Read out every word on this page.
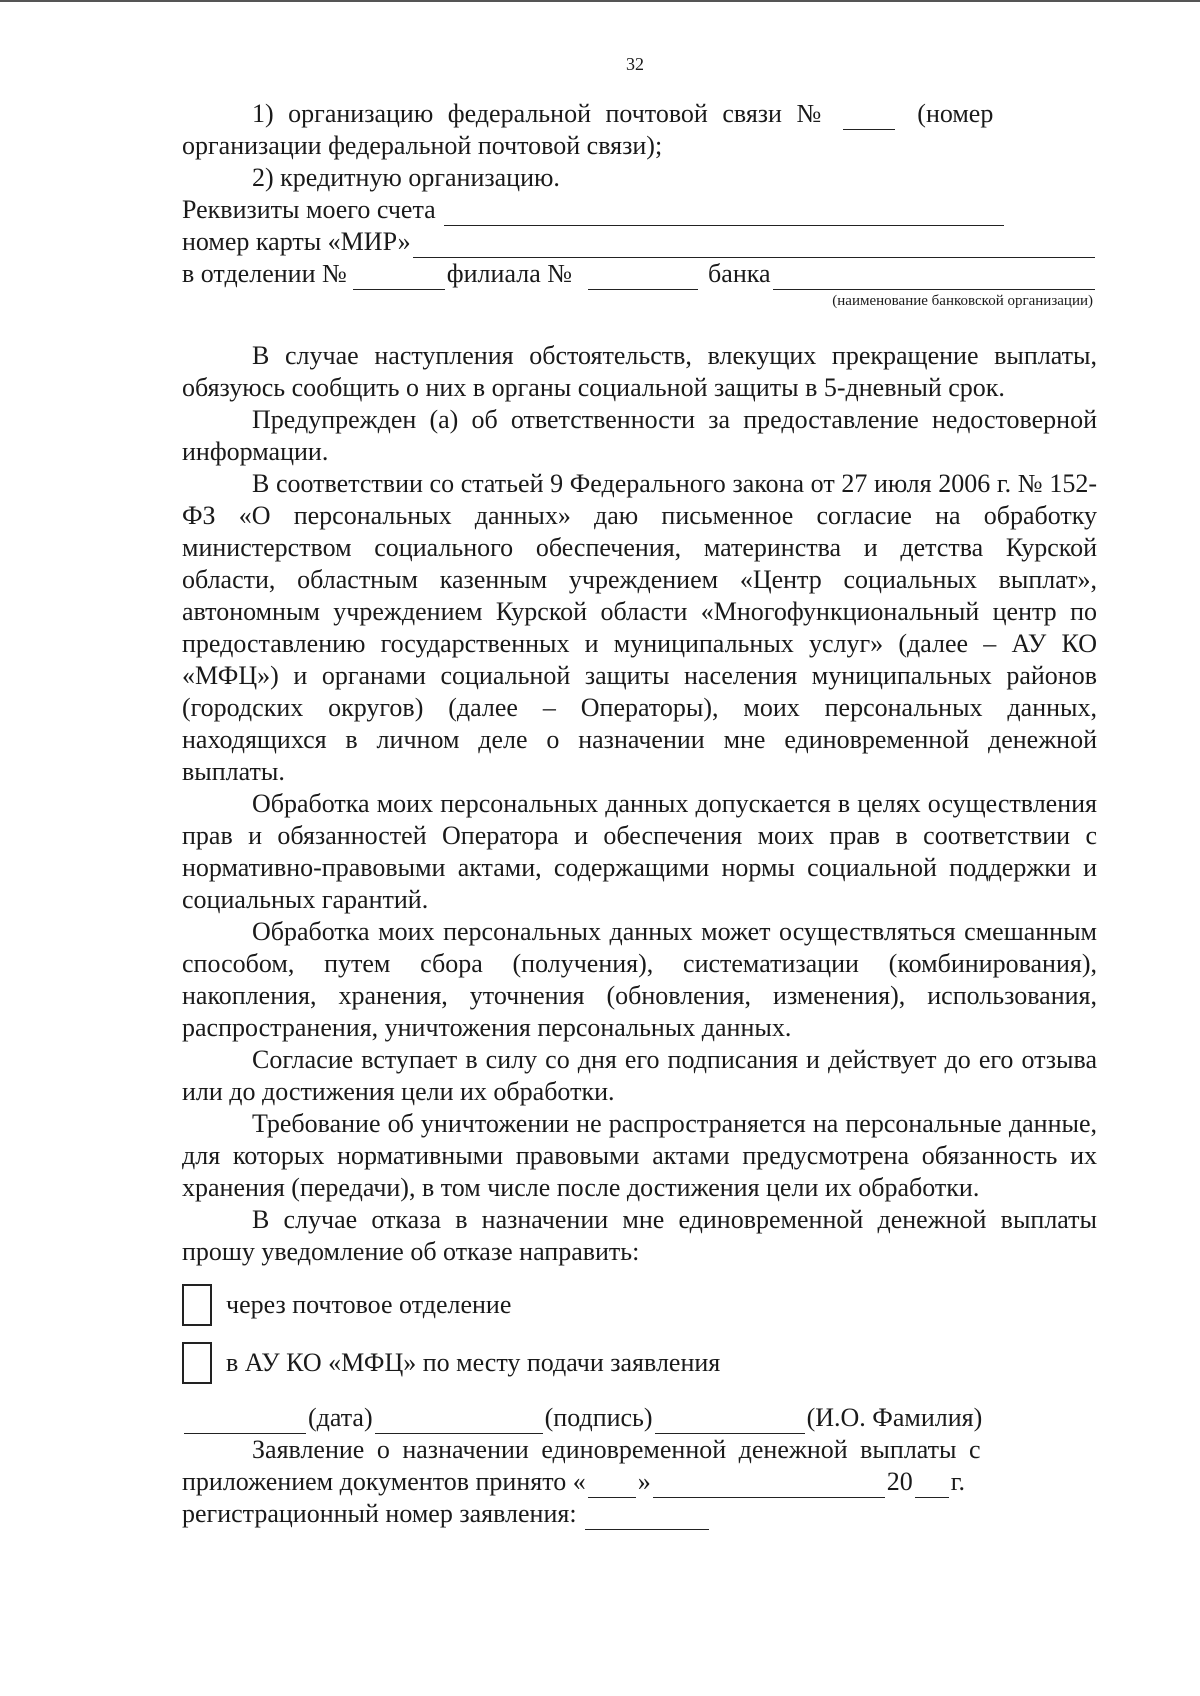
32
1) организацию федеральной почтовой связи №	(номер

организации федеральной почтовой связи);

2) кредитную организацию.

Реквизиты моего счета
номер карты «МИР»
в отделении №	филиала №	банка
(наименование банковской организации)

В случае наступления обстоятельств, влекущих прекращение выплаты, обязуюсь сообщить о них в органы социальной защиты в 5-дневный срок.

Предупрежден (а) об ответственности за предоставление недостоверной информации.

В соответствии со статьей 9 Федерального закона от 27 июля 2006 г. № 152-ФЗ «О персональных данных» даю письменное согласие на обработку министерством социального обеспечения, материнства и детства Курской области, областным казенным учреждением «Центр социальных выплат», автономным учреждением Курской области «Многофункциональный центр по предоставлению государственных и муниципальных услуг» (далее – АУ КО «МФЦ») и органами социальной защиты населения муниципальных районов (городских округов) (далее – Операторы), моих персональных данных, находящихся в личном деле о назначении мне единовременной денежной выплаты.

Обработка моих персональных данных допускается в целях осуществления прав и обязанностей Оператора и обеспечения моих прав в соответствии с нормативно-правовыми актами, содержащими нормы социальной поддержки и социальных гарантий.

Обработка моих персональных данных может осуществляться смешанным способом, путем сбора (получения), систематизации (комбинирования), накопления, хранения, уточнения (обновления, изменения), использования, распространения, уничтожения персональных данных.

Согласие вступает в силу со дня его подписания и действует до его отзыва или до достижения цели их обработки.

Требование об уничтожении не распространяется на персональные данные, для которых нормативными правовыми актами предусмотрена обязанность их хранения (передачи), в том числе после достижения цели их обработки.

В случае отказа в назначении мне единовременной денежной выплаты прошу уведомление об отказе направить:

через почтовое отделение
в АУ КО «МФЦ» по месту подачи заявления
(дата)	(подпись)	(И.О. Фамилия)
Заявление о назначении единовременной денежной выплаты с
приложением документов принято « »	20 г.
регистрационный номер заявления:
